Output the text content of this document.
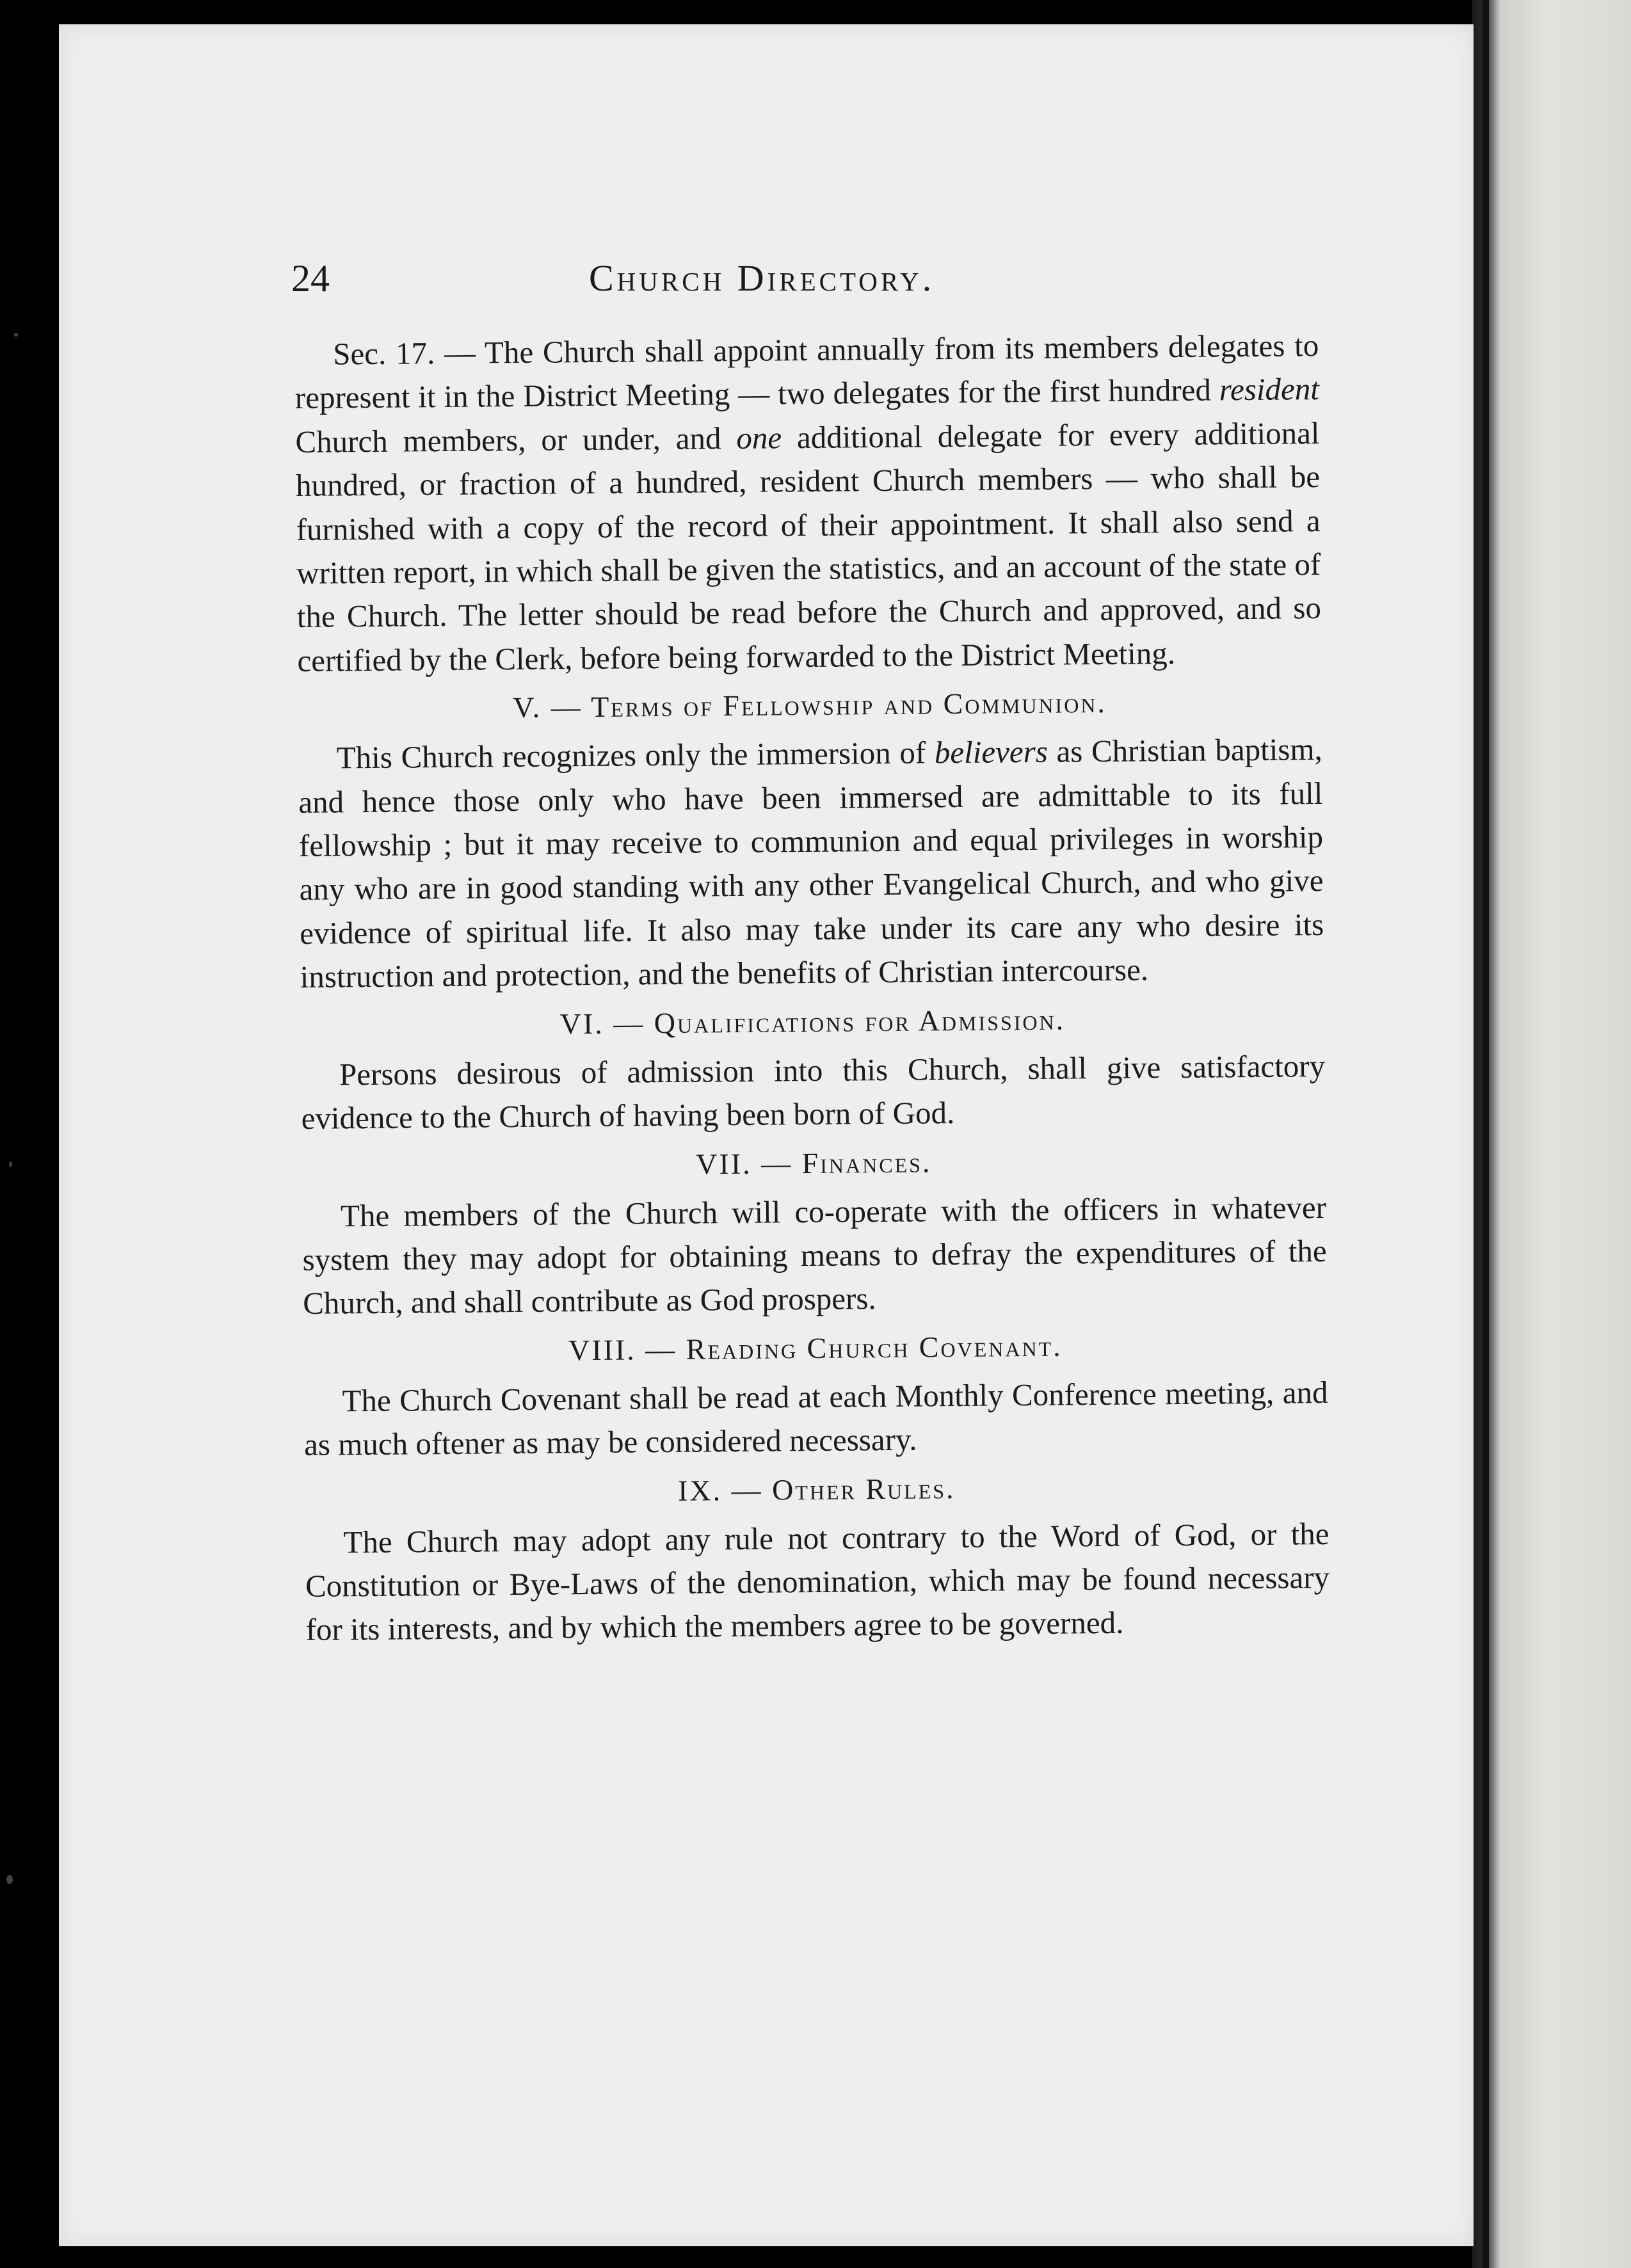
24	Church Directory.

Sec. 17. — The Church shall appoint annually from its members delegates to represent it in the District Meeting — two delegates for the first hundred resident Church members, or under, and one additional delegate for every additional hundred, or fraction of a hundred, resident Church members — who shall be furnished with a copy of the record of their appointment. It shall also send a written report, in which shall be given the statistics, and an account of the state of the Church. The letter should be read before the Church and approved, and so certified by the Clerk, before being forwarded to the District Meeting.

V. — Terms of Fellowship and Communion.

This Church recognizes only the immersion of believers as Christian baptism, and hence those only who have been immersed are admittable to its full fellowship ; but it may receive to communion and equal privileges in worship any who are in good standing with any other Evangelical Church, and who give evidence of spiritual life. It also may take under its care any who desire its instruction and protection, and the benefits of Christian intercourse.

VI. — Qualifications for Admission.

Persons desirous of admission into this Church, shall give satisfactory evidence to the Church of having been born of God.

VII. — Finances.

The members of the Church will co-operate with the officers in whatever system they may adopt for obtaining means to defray the expenditures of the Church, and shall contribute as God prospers.

VIII. — Reading Church Covenant.

The Church Covenant shall be read at each Monthly Conference meeting, and as much oftener as may be considered necessary.

IX. — Other Rules.

The Church may adopt any rule not contrary to the Word of God, or the Constitution or Bye-Laws of the denomination, which may be found necessary for its interests, and by which the members agree to be governed.
